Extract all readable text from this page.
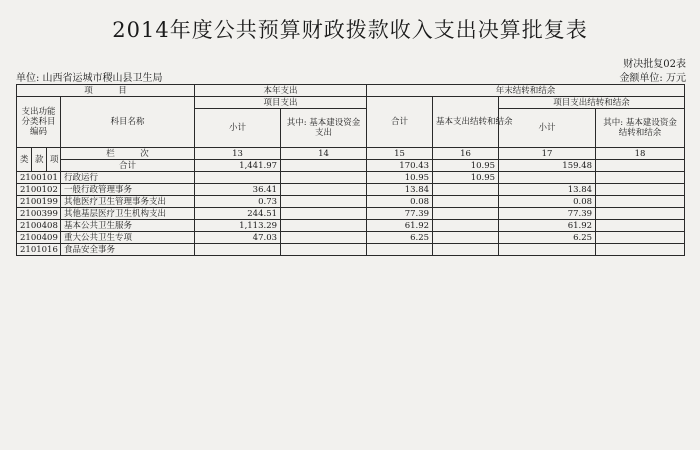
2014年度公共预算财政拨款收入支出决算批复表
财决批复02表
单位: 山西省运城市稷山县卫生局	金额单位: 万元
项　　　目				本年支出		年末结转和结余			
支出功能分类科目编码			科目名称	项目支出		合计	基本支出结转和结余	项目支出结转和结余	
				小计	其中: 基本建设资金支出			小计	其中: 基本建设资金结转和结余
类	款	项	栏　　　次	13	14	15	16	17	18
			合计	1,441.97		170.43	10.95	159.48	
2100101			行政运行			10.95	10.95		
2100102			一般行政管理事务	36.41		13.84		13.84	
2100199			其他医疗卫生管理事务支出	0.73		0.08		0.08	
2100399			其他基层医疗卫生机构支出	244.51		77.39		77.39	
2100408			基本公共卫生服务	1,113.29		61.92		61.92	
2100409			重大公共卫生专项	47.03		6.25		6.25	
2101016			食品安全事务						
